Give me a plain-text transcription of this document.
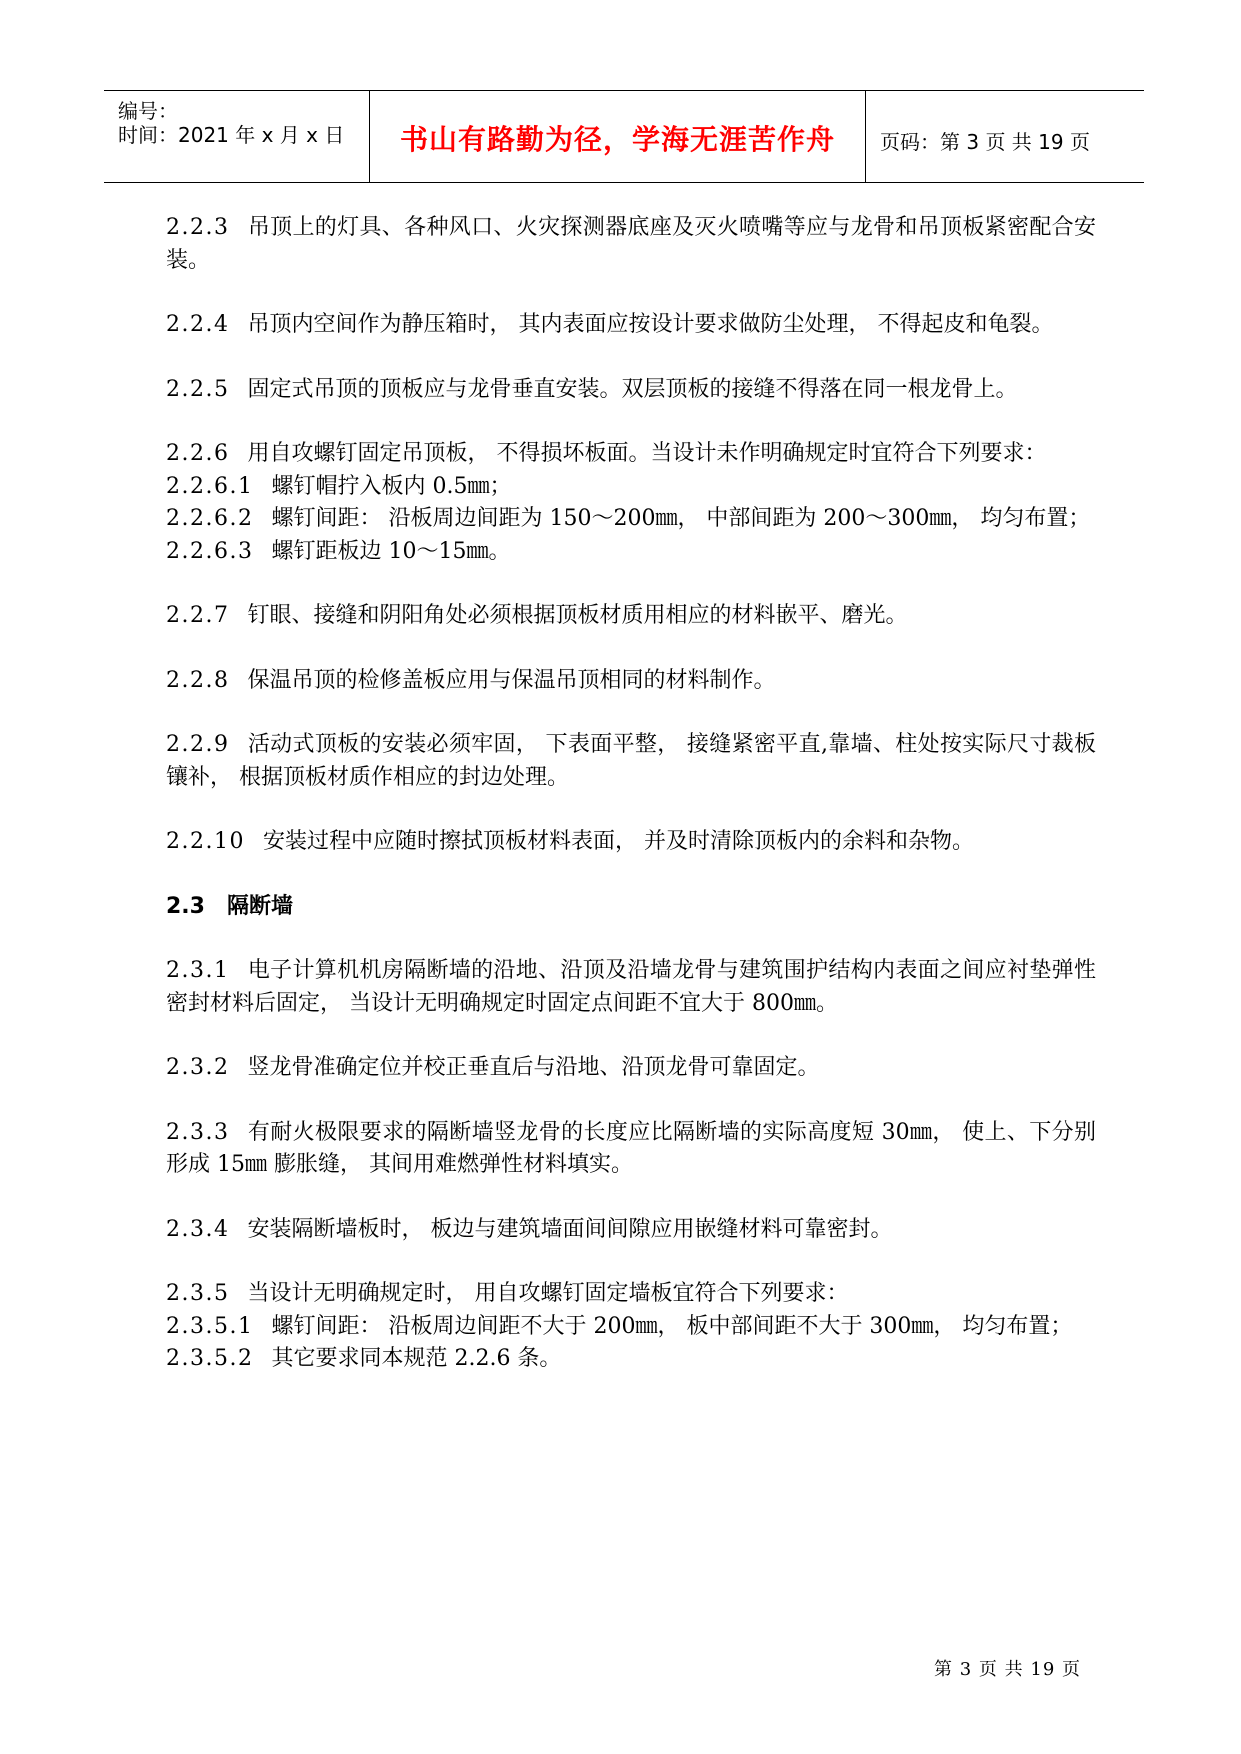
编号：
时间：2021 年 x 月 x 日	书山有路勤为径，学海无涯苦作舟	页码：第 3 页 共 19 页

2.2.3 吊顶上的灯具、各种风口、火灾探测器底座及灭火喷嘴等应与龙骨和吊顶板紧密配合安装。

2.2.4 吊顶内空间作为静压箱时， 其内表面应按设计要求做防尘处理， 不得起皮和龟裂。

2.2.5 固定式吊顶的顶板应与龙骨垂直安装。双层顶板的接缝不得落在同一根龙骨上。

2.2.6 用自攻螺钉固定吊顶板， 不得损坏板面。当设计未作明确规定时宜符合下列要求：

2.2.6.1 螺钉帽拧入板内 0.5㎜；

2.2.6.2 螺钉间距： 沿板周边间距为 150～200㎜， 中部间距为 200～300㎜， 均匀布置；

2.2.6.3 螺钉距板边 10～15㎜。

2.2.7 钉眼、接缝和阴阳角处必须根据顶板材质用相应的材料嵌平、磨光。

2.2.8 保温吊顶的检修盖板应用与保温吊顶相同的材料制作。

2.2.9 活动式顶板的安装必须牢固， 下表面平整， 接缝紧密平直,靠墙、柱处按实际尺寸裁板镶补， 根据顶板材质作相应的封边处理。

2.2.10 安装过程中应随时擦拭顶板材料表面， 并及时清除顶板内的余料和杂物。

2.3 隔断墙

2.3.1 电子计算机机房隔断墙的沿地、沿顶及沿墙龙骨与建筑围护结构内表面之间应衬垫弹性密封材料后固定， 当设计无明确规定时固定点间距不宜大于 800㎜。

2.3.2 竖龙骨准确定位并校正垂直后与沿地、沿顶龙骨可靠固定。

2.3.3 有耐火极限要求的隔断墙竖龙骨的长度应比隔断墙的实际高度短 30㎜， 使上、下分别形成 15㎜ 膨胀缝， 其间用难燃弹性材料填实。

2.3.4 安装隔断墙板时， 板边与建筑墙面间间隙应用嵌缝材料可靠密封。

2.3.5 当设计无明确规定时， 用自攻螺钉固定墙板宜符合下列要求：

2.3.5.1 螺钉间距： 沿板周边间距不大于 200㎜， 板中部间距不大于 300㎜， 均匀布置；

2.3.5.2 其它要求同本规范 2.2.6 条。

第 3 页 共 19 页
